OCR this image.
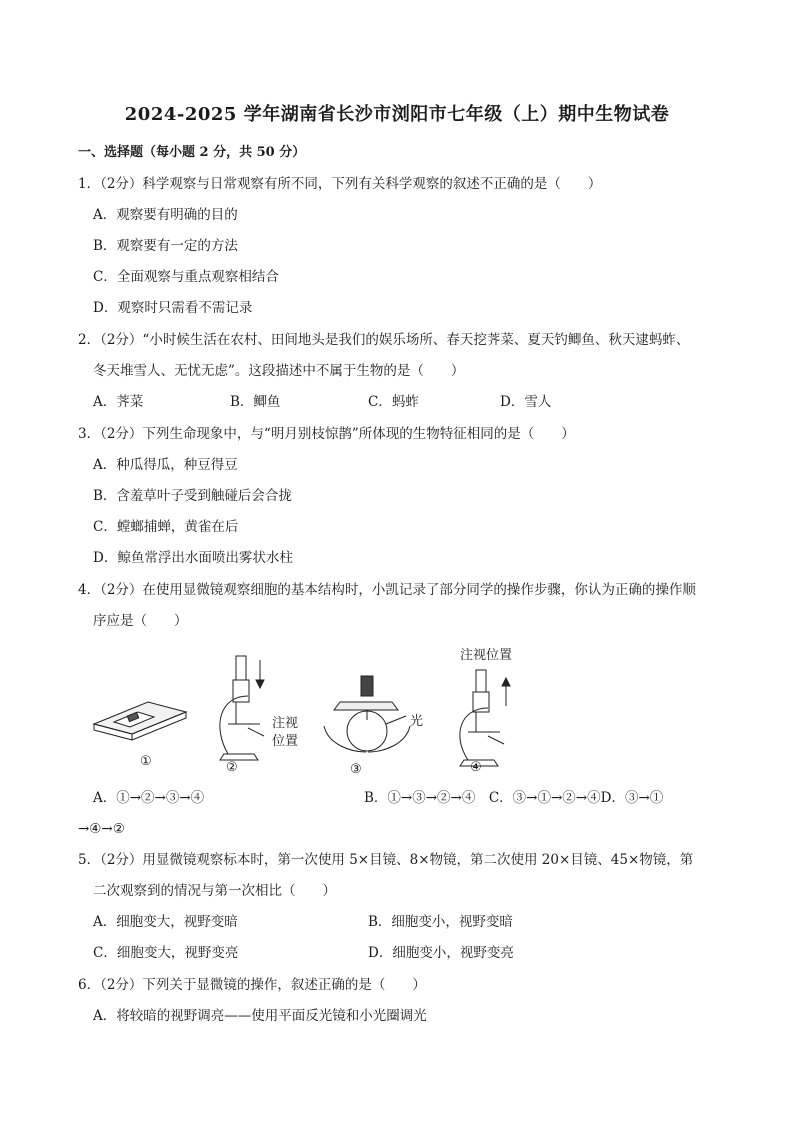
2024-2025 学年湖南省长沙市浏阳市七年级（上）期中生物试卷
一、选择题（每小题 2 分，共 50 分）
1．（2分）科学观察与日常观察有所不同，下列有关科学观察的叙述不正确的是（　　）
A．观察要有明确的目的
B．观察要有一定的方法
C．全面观察与重点观察相结合
D．观察时只需看不需记录
2．（2分）“小时候生活在农村、田间地头是我们的娱乐场所、春天挖荠菜、夏天钓鲫鱼、秋天逮蚂蚱、
冬天堆雪人、无忧无虑”。这段描述中不属于生物的是（　　）
A．荠菜	B．鲫鱼	C．蚂蚱	D．雪人
3．（2分）下列生命现象中，与“明月别枝惊鹊”所体现的生物特征相同的是（　　）
A．种瓜得瓜，种豆得豆
B．含羞草叶子受到触碰后会合拢
C．螳螂捕蝉，黄雀在后
D．鲸鱼常浮出水面喷出雾状水柱
4．（2分）在使用显微镜观察细胞的基本结构时，小凯记录了部分同学的操作步骤，你认为正确的操作顺
序应是（　　）
注视位置
注视
位置
光
①	②	③	④
A．①→②→③→④	B．①→③→②→④　C．③→①→②→④D．③→①
→④→②
5．（2分）用显微镜观察标本时，第一次使用 5×目镜、8×物镜，第二次使用 20×目镜、45×物镜，第
二次观察到的情况与第一次相比（　　）
A．细胞变大，视野变暗	B．细胞变小，视野变暗
C．细胞变大，视野变亮	D．细胞变小，视野变亮
6．（2分）下列关于显微镜的操作，叙述正确的是（　　）
A．将较暗的视野调亮——使用平面反光镜和小光圈调光
